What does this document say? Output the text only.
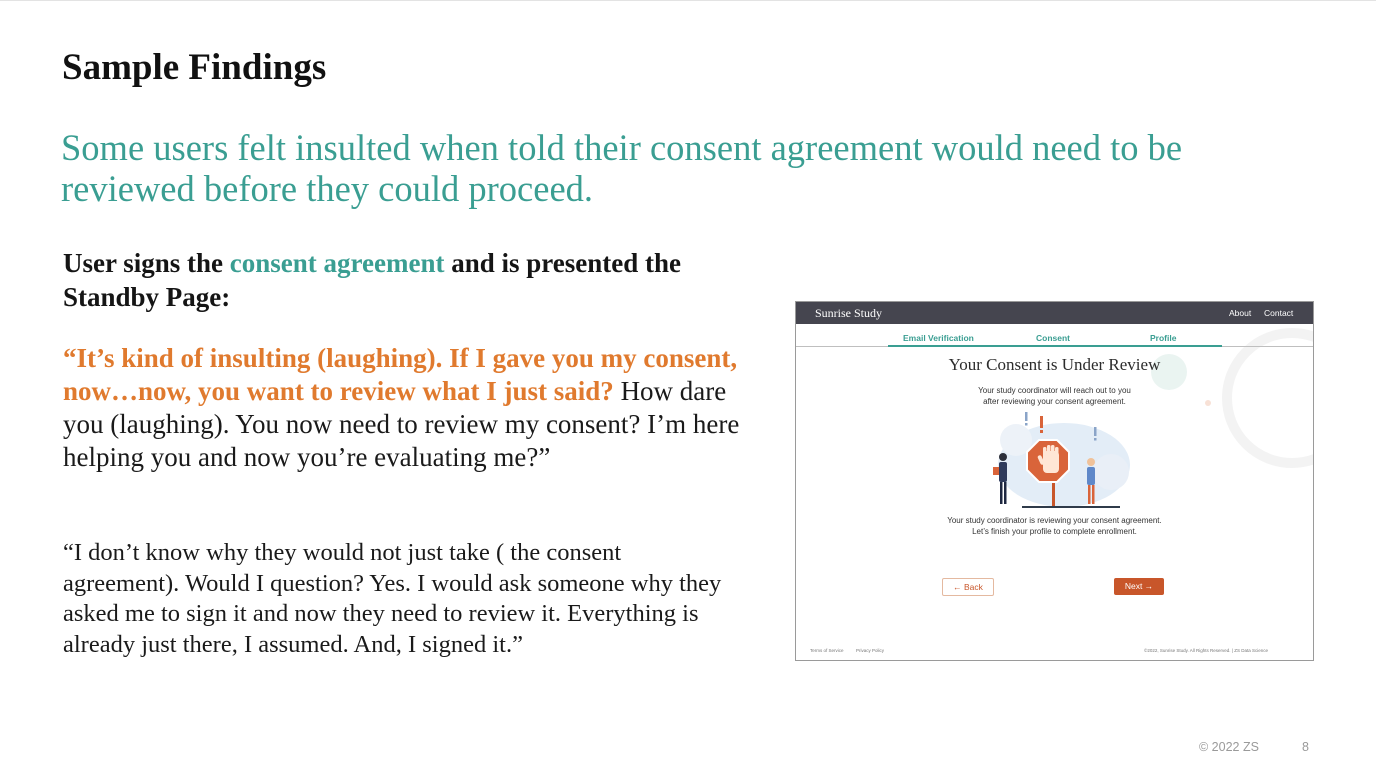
Sample Findings
Some users felt insulted when told their consent agreement would need to be reviewed before they could proceed.
User signs the consent agreement and is presented the Standby Page:
“It’s kind of insulting (laughing). If I gave you my consent, now…now, you want to review what I just said? How dare you (laughing). You now need to review my consent? I’m here helping you and now you’re evaluating me?”
“I don’t know why they would not just take ( the consent agreement). Would I question? Yes. I would ask someone why they asked me to sign it and now they need to review it. Everything is already just there, I assumed. And, I signed it.”
Sunrise Study	About Contact
Email Verification	Consent	Profile
Your Consent is Under Review
Your study coordinator will reach out to you
after reviewing your consent agreement.
Your study coordinator is reviewing your consent agreement.
Let’s finish your profile to complete enrollment.
← Back	Next →
Terms of Service	Privacy Policy	©2022, Sunrise Study. All Rights Reserved. | ZS Data Science
© 2022 ZS	8
